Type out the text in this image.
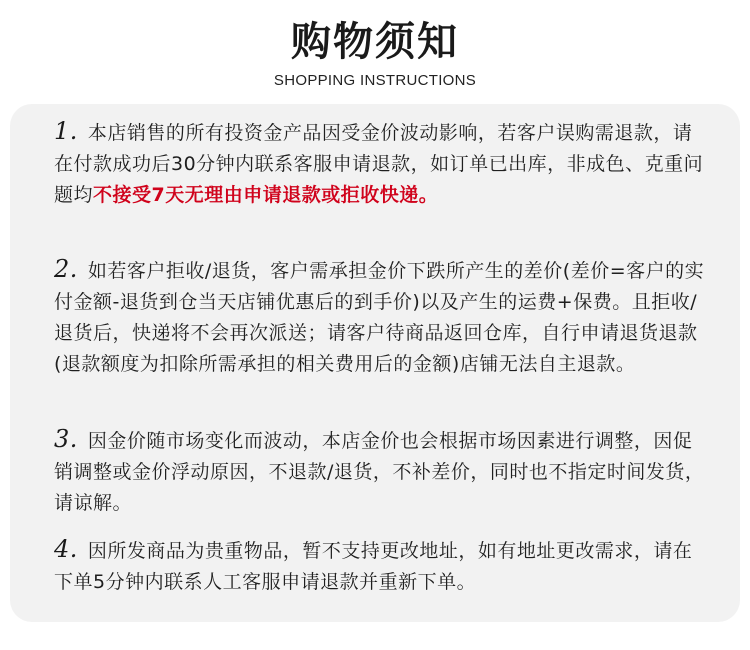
购物须知
SHOPPING INSTRUCTIONS
1. 本店销售的所有投资金产品因受金价波动影响，若客户误购需退款，请在付款成功后30分钟内联系客服申请退款，如订单已出库，非成色、克重问题均不接受7天无理由申请退款或拒收快递。
2. 如若客户拒收/退货，客户需承担金价下跌所产生的差价(差价=客户的实付金额-退货到仓当天店铺优惠后的到手价)以及产生的运费+保费。且拒收/退货后，快递将不会再次派送；请客户待商品返回仓库，自行申请退货退款(退款额度为扣除所需承担的相关费用后的金额)店铺无法自主退款。
3. 因金价随市场变化而波动，本店金价也会根据市场因素进行调整，因促销调整或金价浮动原因，不退款/退货，不补差价，同时也不指定时间发货，请谅解。
4. 因所发商品为贵重物品，暂不支持更改地址，如有地址更改需求，请在下单5分钟内联系人工客服申请退款并重新下单。
